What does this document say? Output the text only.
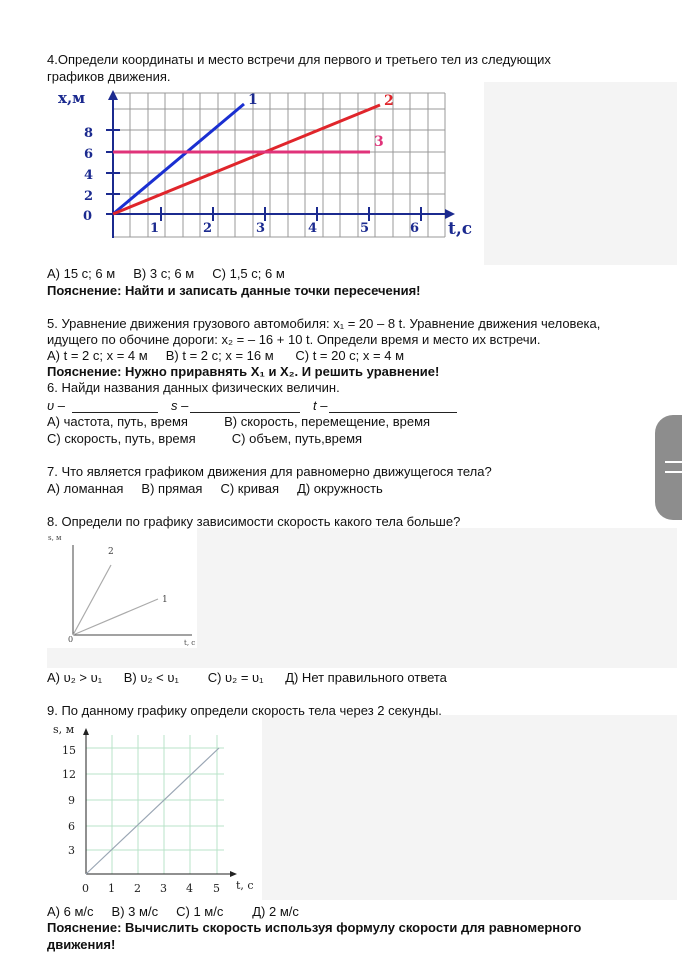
4.Определи координаты и место встречи для первого и третьего тел из следующих
графиков движения.
x,м
t,c
0
8
6
4
2
1	2	3	4	5	6
1	2
3
А) 15 с; 6 м     В) 3 с; 6 м     С) 1,5 с; 6 м
Пояснение: Найти и записать данные точки пересечения!
5. Уравнение движения грузового автомобиля: x₁ = 20 – 8 t. Уравнение движения человека,
идущего по обочине дороги: x₂ = – 16 + 10 t. Определи время и место их встречи.
А) t = 2 с; x = 4 м     В) t = 2 с; x = 16 м      С) t = 20 с; x = 4 м
Пояснение: Нужно приравнять X₁ и X₂. И решить уравнение!
6. Найди названия данных физических величин.
υ –	s –	t –
А) частота, путь, время          В) скорость, перемещение, время
С) скорость, путь, время          С) объем, путь,время
7. Что является графиком движения для равномерно движущегося тела?
А) ломанная     В) прямая     С) кривая     Д) окружность
8. Определи по графику зависимости скорость какого тела больше?
s, м
t, с
0
2
1
А) υ₂ > υ₁      В) υ₂ < υ₁        С) υ₂ = υ₁      Д) Нет правильного ответа
9. По данному графику определи скорость тела через 2 секунды.
s, м
t, с
15
12
9
6
3
0 1 2 3 4 5
А) 6 м/с     В) 3 м/с     С) 1 м/с        Д) 2 м/с
Пояснение: Вычислить скорость используя формулу скорости для равномерного
движения!
